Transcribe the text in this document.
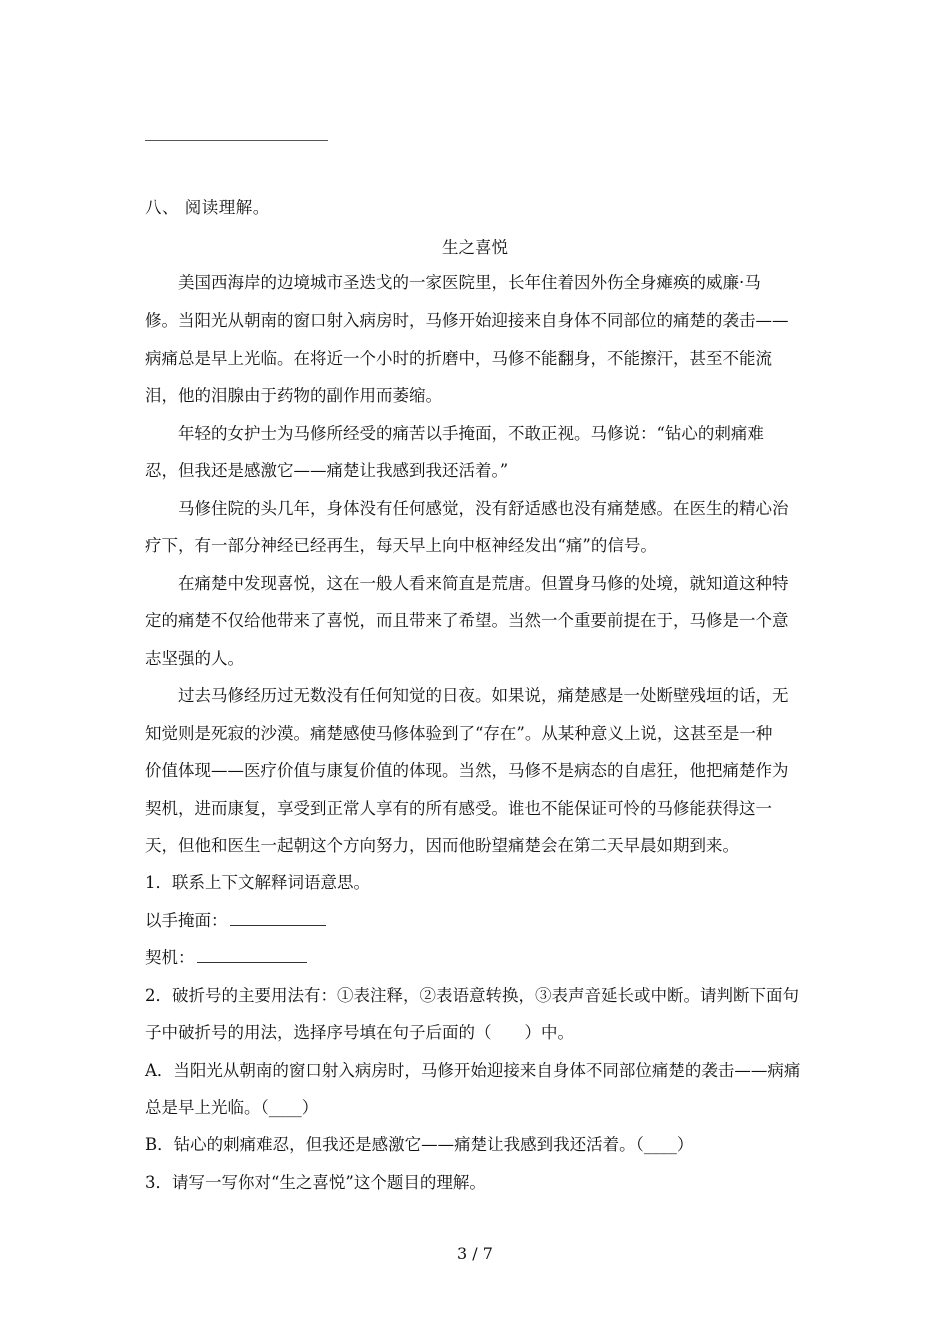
八、 阅读理解。
生之喜悦
美国西海岸的边境城市圣迭戈的一家医院里，长年住着因外伤全身瘫痪的威廉·马
修。当阳光从朝南的窗口射入病房时，马修开始迎接来自身体不同部位的痛楚的袭击——
病痛总是早上光临。在将近一个小时的折磨中，马修不能翻身，不能擦汗，甚至不能流
泪，他的泪腺由于药物的副作用而萎缩。
年轻的女护士为马修所经受的痛苦以手掩面，不敢正视。马修说：“钻心的刺痛难
忍，但我还是感激它——痛楚让我感到我还活着。”
马修住院的头几年，身体没有任何感觉，没有舒适感也没有痛楚感。在医生的精心治
疗下，有一部分神经已经再生，每天早上向中枢神经发出“痛”的信号。
在痛楚中发现喜悦，这在一般人看来简直是荒唐。但置身马修的处境，就知道这种特
定的痛楚不仅给他带来了喜悦，而且带来了希望。当然一个重要前提在于，马修是一个意
志坚强的人。
过去马修经历过无数没有任何知觉的日夜。如果说，痛楚感是一处断壁残垣的话，无
知觉则是死寂的沙漠。痛楚感使马修体验到了“存在”。从某种意义上说，这甚至是一种
价值体现——医疗价值与康复价值的体现。当然，马修不是病态的自虐狂，他把痛楚作为
契机，进而康复，享受到正常人享有的所有感受。谁也不能保证可怜的马修能获得这一
天，但他和医生一起朝这个方向努力，因而他盼望痛楚会在第二天早晨如期到来。
1．联系上下文解释词语意思。
以手掩面：
契机：
2．破折号的主要用法有：①表注释，②表语意转换，③表声音延长或中断。请判断下面句
子中破折号的用法，选择序号填在句子后面的（　　）中。
A．当阳光从朝南的窗口射入病房时，马修开始迎接来自身体不同部位痛楚的袭击——病痛
总是早上光临。（____）
B．钻心的刺痛难忍，但我还是感激它——痛楚让我感到我还活着。（____）
3．请写一写你对“生之喜悦”这个题目的理解。
3 / 7
